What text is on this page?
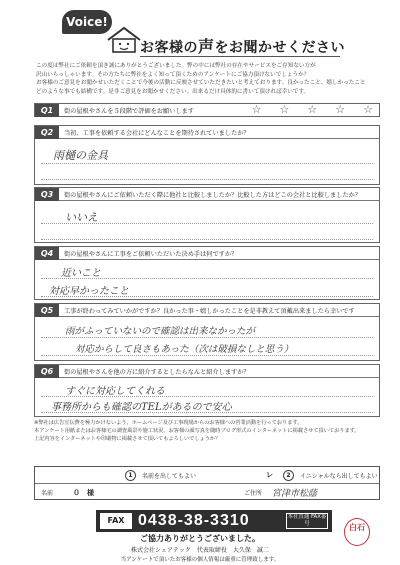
Voice!
お客様の声をお聞かせください

この度は弊社にご依頼を頂き誠にありがとうございました。弊の中には弊社の存在やサービスをご存知ない方が

沢山いらっしゃいます。その方たちに弊社をよく知って頂くためのアンケートにご協力頂けないでしょうか？

お客様のご意見をお聞かせいただくことで今後の活動に反映させていただきたいと考えております。良かったこと、嬉しかったこと

どのような事でも結構です。是非ご意見をお聞かせください。出来るだけ具体的に書いて頂ければ幸いです。

Q1	街の屋根やさんを５段階で評価をお願いします	☆ ☆ ☆ ☆ ☆
Q2	当初、工事を依頼する会社にどんなことを期待されていましたか？
雨樋の金具
Q3	街の屋根やさんにご依頼いただく際に他社と比較しましたか？比較した方はどこの会社と比較しましたか？
いいえ
Q4	街の屋根やさんに工事をご依頼いただいた決め手は何ですか？
近いこと
対応早かったこと
Q5	工事が終わってみていかがですか？良かった事・嬉しかったことを是非教えて頂戴出来ましたら幸いです
雨がふっていないので確認は出来なかったが
対応からして良さもあった（次は破損なしと思う）
Q6	街の屋根やさんを他の方に紹介するとしたらなんと紹介しますか？
すぐに対応してくれる
事務所からも確認のTELがあるので安心

※弊社は広告宣伝費を極力かけないよう、ホームページ及び工事現場からのお客様への営業活動を行っております。

本アンケート用紙またはお客様宅の調査風景や施工状況、お客様の顔写真を随時ブログ形式のインターネットに掲載させて頂いております。

上記内容をインターネットや印刷物に掲載させて頂いてもよろしいでしょうか？

1	名前を出してもよい	レ	2	イニシャルなら出してもよい
名前	０　様	ご住所 宮津市松蔭
FAX 0438-38-3310	本社直通 FAX番号	白石
ご協力ありがとうございました。
株式会社シェアテック　代表取締役　大久保　誠二
当アンケートで頂いたお客様の個人情報は厳重に管理致します。
